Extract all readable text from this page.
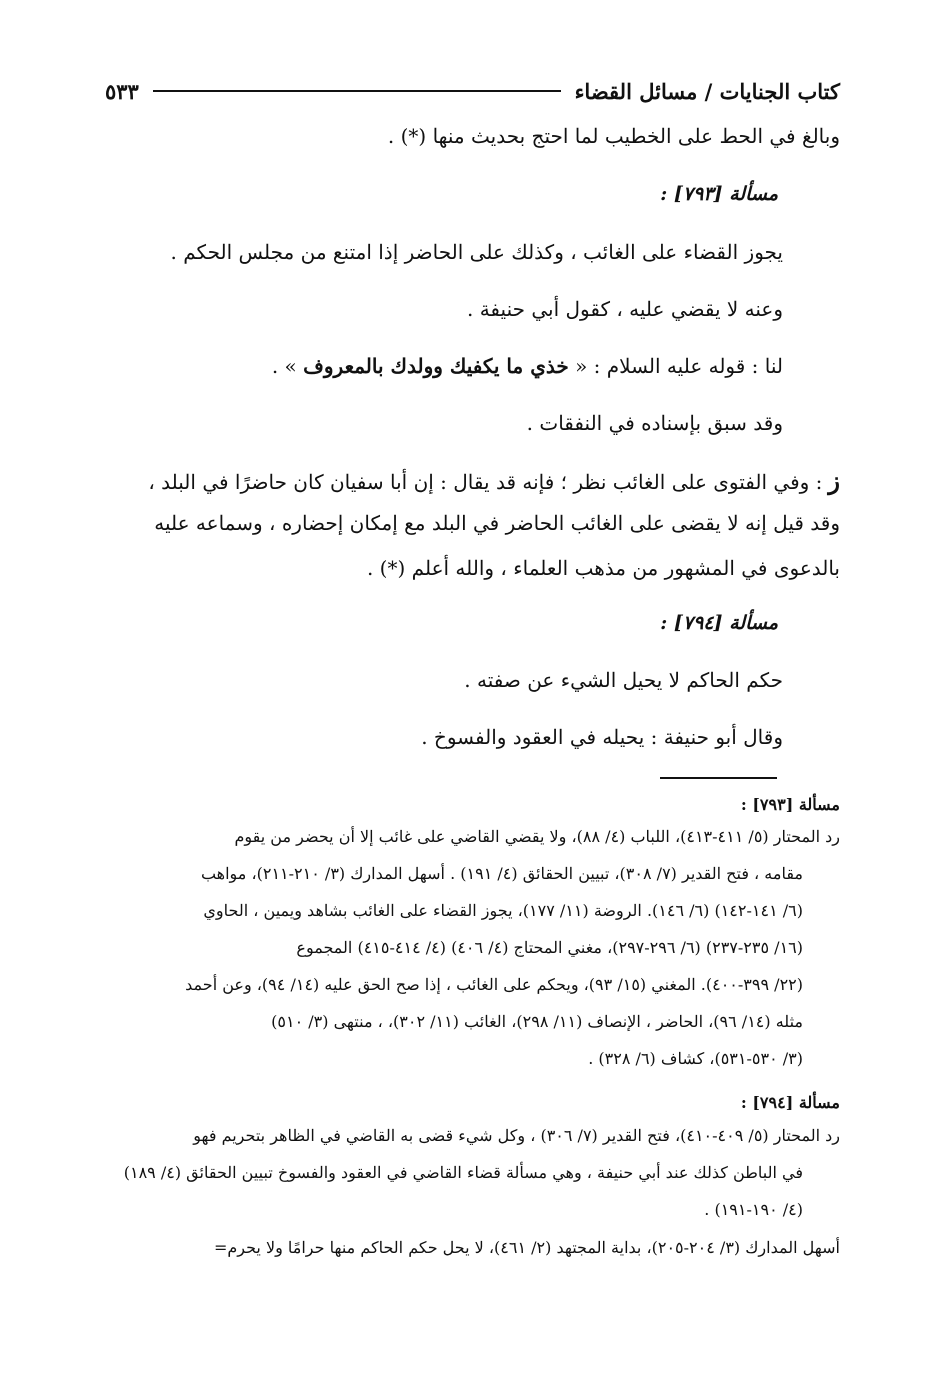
كتاب الجنايات / مسائل القضاء
٥٣٣
وبالغ في الحط على الخطيب لما احتج بحديث منها (*) .
مسألة [٧٩٣] :
يجوز القضاء على الغائب ، وكذلك على الحاضر إذا امتنع من مجلس الحكم .
وعنه لا يقضي عليه ، كقول أبي حنيفة .
لنا : قوله عليه السلام : « خذي ما يكفيك وولدك بالمعروف » .
وقد سبق بإسناده في النفقات .
ز: وفي الفتوى على الغائب نظر ؛ فإنه قد يقال : إن أبا سفيان كان حاضرًا في البلد ،
وقد قيل إنه لا يقضى على الغائب الحاضر في البلد مع إمكان إحضاره ، وسماعه عليه
بالدعوى في المشهور من مذهب العلماء ، والله أعلم (*) .
مسألة [٧٩٤] :
حكم الحاكم لا يحيل الشيء عن صفته .
وقال أبو حنيفة : يحيله في العقود والفسوخ .
مسألة [٧٩٣] :
رد المحتار (٥/ ٤١١-٤١٣)، اللباب (٤/ ٨٨)، ولا يقضي القاضي على غائب إلا أن يحضر من يقوم
مقامه ، فتح القدير (٧/ ٣٠٨)، تبيين الحقائق (٤/ ١٩١) . أسهل المدارك (٣/ ٢١٠-٢١١)، مواهب
(٦/ ١٤١-١٤٢) (٦/ ١٤٦). الروضة (١١/ ١٧٧)، يجوز القضاء على الغائب بشاهد ويمين ، الحاوي
(١٦/ ٢٣٥-٢٣٧) (٦/ ٢٩٦-٢٩٧)، مغني المحتاج (٤/ ٤٠٦) (٤/ ٤١٤-٤١٥) المجموع
(٢٢/ ٣٩٩-٤٠٠). المغني (١٥/ ٩٣)، ويحكم على الغائب ، إذا صح الحق عليه (١٤/ ٩٤)، وعن أحمد
مثله (١٤/ ٩٦)، الحاضر ، الإنصاف (١١/ ٢٩٨)، الغائب (١١/ ٣٠٢)، ، منتهى (٣/ ٥١٠)
(٣/ ٥٣٠-٥٣١)، كشاف (٦/ ٣٢٨) .
مسألة [٧٩٤] :
رد المحتار (٥/ ٤٠٩-٤١٠)، فتح القدير (٧/ ٣٠٦) ، وكل شيء قضى به القاضي في الظاهر بتحريم فهو
في الباطن كذلك عند أبي حنيفة ، وهي مسألة قضاء القاضي في العقود والفسوخ تبيين الحقائق (٤/ ١٨٩)
(٤/ ١٩٠-١٩١) .
أسهل المدارك (٣/ ٢٠٤-٢٠٥)، بداية المجتهد (٢/ ٤٦١)، لا يحل حكم الحاكم منها حرامًا ولا يحرم=
